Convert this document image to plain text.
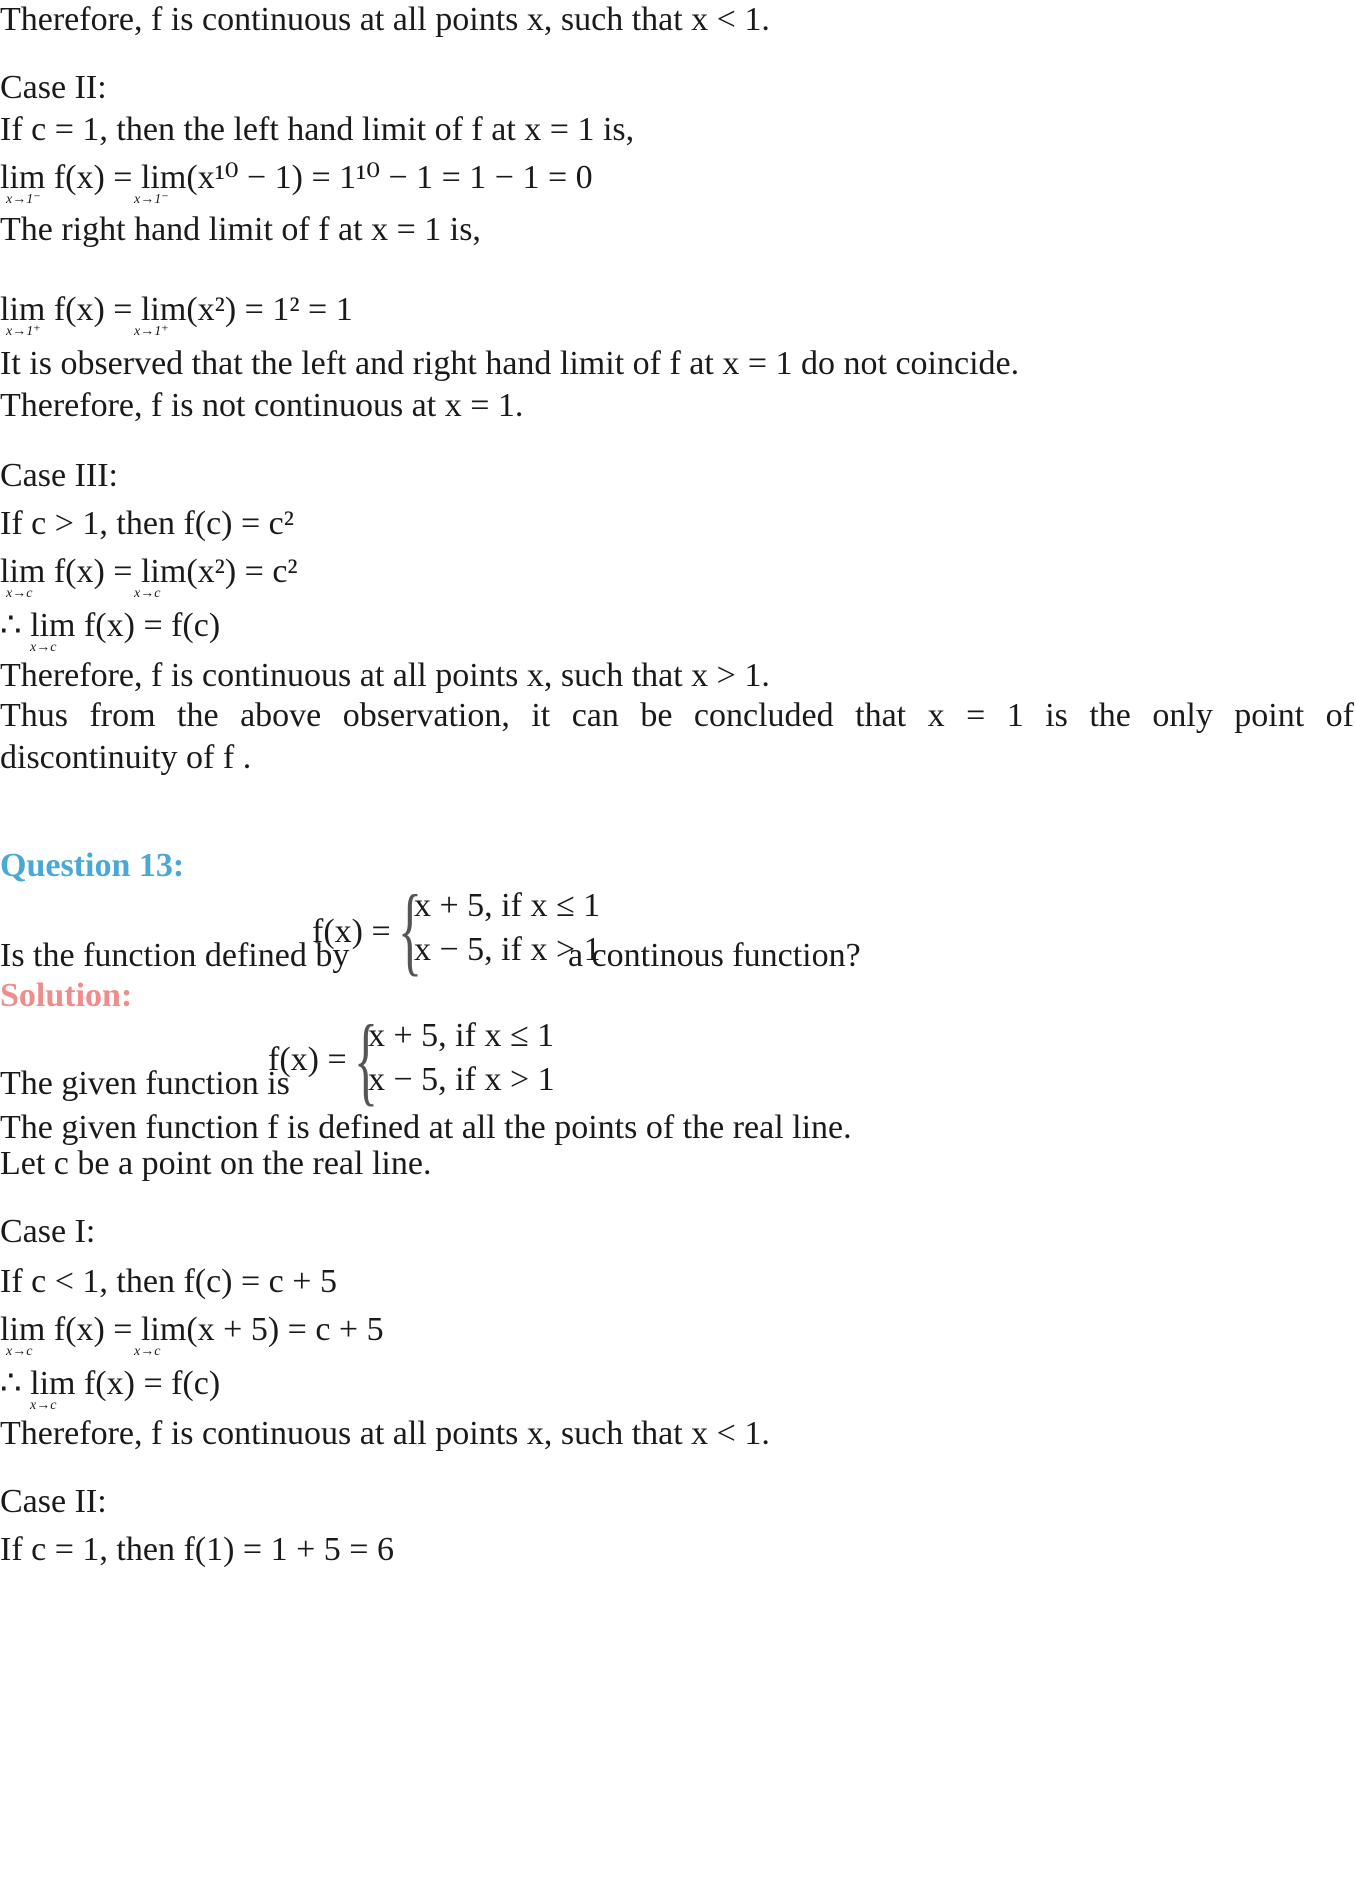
Therefore, f is continuous at all points x, such that x < 1.
Case II:
If c = 1, then the left hand limit of f at x = 1 is,
lim f(x) = lim(x¹⁰ − 1) = 1¹⁰ − 1 = 1 − 1 = 0
x→1⁻	x→1⁻
The right hand limit of f at x = 1 is,
lim f(x) = lim(x²) = 1² = 1
x→1⁺	x→1⁺
It is observed that the left and right hand limit of f at x = 1 do not coincide.
Therefore, f is not continuous at x = 1.
Case III:
If c > 1, then f(c) = c²
lim f(x) = lim(x²) = c²
x→c	x→c
∴ lim f(x) = f(c)
x→c
Therefore, f is continuous at all points x, such that x > 1.
Thus from the above observation, it can be concluded that x = 1 is the only point of
discontinuity of f .
Question 13:
Is the function defined by
f(x) = {
x + 5, if x ≤ 1
x − 5, if x > 1
a continous function?
Solution:
The given function is
f(x) = {
x + 5, if x ≤ 1
x − 5, if x > 1
The given function f is defined at all the points of the real line.
Let c be a point on the real line.
Case I:
If c < 1, then f(c) = c + 5
lim f(x) = lim(x + 5) = c + 5
x→c	x→c
∴ lim f(x) = f(c)
x→c
Therefore, f is continuous at all points x, such that x < 1.
Case II:
If c = 1, then f(1) = 1 + 5 = 6
